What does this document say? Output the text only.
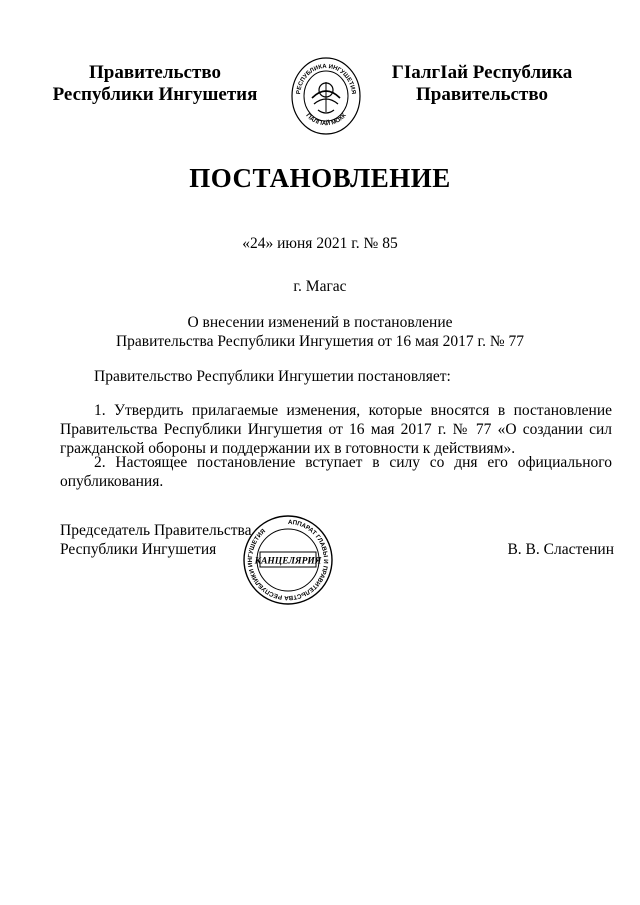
Правительство
Республики Ингушетия	РЕСПУБЛИКА ИНГУШЕТИЯ
ГIАЛГIАЙ МОХК
ГIалгIай Республика
Правительство
ПОСТАНОВЛЕНИЕ
«24» июня 2021 г. № 85
г. Магас
О внесении изменений в постановление
Правительства Республики Ингушетия от 16 мая 2017 г. № 77
Правительство Республики Ингушетии постановляет:
1. Утвердить прилагаемые изменения, которые вносятся в постановление Правительства Республики Ингушетия от 16 мая 2017 г. № 77 «О создании сил гражданской обороны и поддержании их в готовности к действиям».
2. Настоящее постановление вступает в силу со дня его официального опубликования.
Председатель Правительства
Республики Ингушетия
АППАРАТ ГЛАВЫ И ПРАВИТЕЛЬСТВА РЕСПУБЛИКИ ИНГУШЕТИЯ
КАНЦЕЛЯРИЯ
В. В. Сластенин
